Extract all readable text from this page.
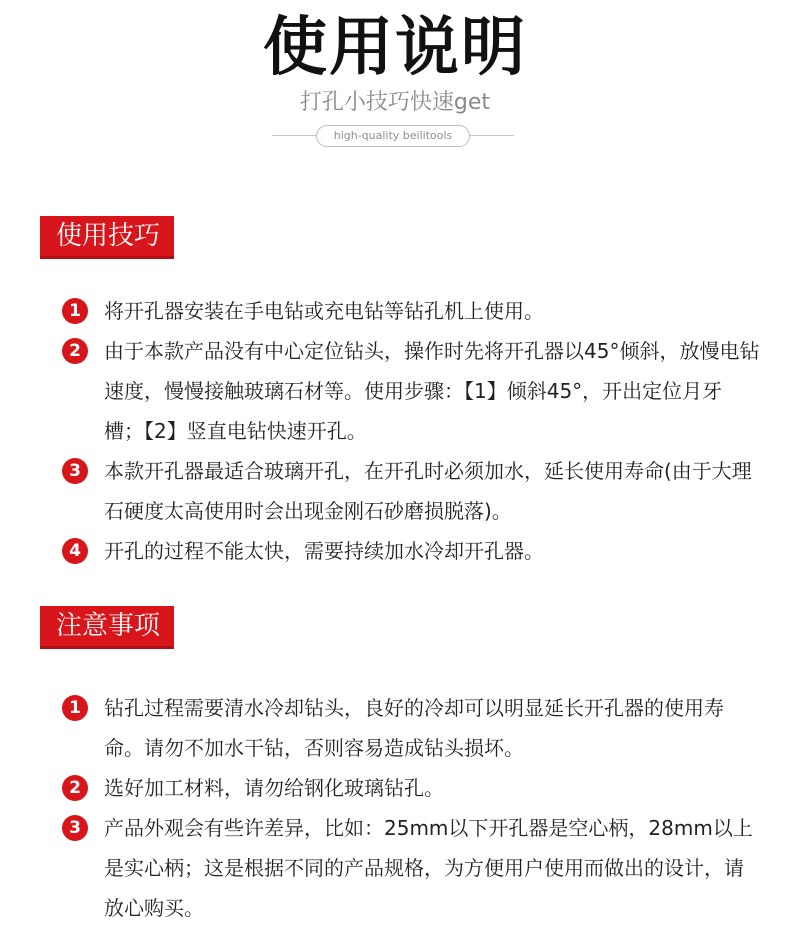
使用说明
打孔小技巧快速get
high-quality beilitools
使用技巧
1	将开孔器安装在手电钻或充电钻等钻孔机上使用。
2	由于本款产品没有中心定位钻头，操作时先将开孔器以45°倾斜，放慢电钻速度，慢慢接触玻璃石材等。使用步骤：【1】倾斜45°，开出定位月牙槽；【2】竖直电钻快速开孔。
3	本款开孔器最适合玻璃开孔，在开孔时必须加水，延长使用寿命(由于大理石硬度太高使用时会出现金刚石砂磨损脱落)。
4	开孔的过程不能太快，需要持续加水冷却开孔器。
注意事项
1	钻孔过程需要清水冷却钻头，良好的冷却可以明显延长开孔器的使用寿命。请勿不加水干钻，否则容易造成钻头损坏。
2	选好加工材料，请勿给钢化玻璃钻孔。
3	产品外观会有些许差异，比如：25mm以下开孔器是空心柄，28mm以上是实心柄；这是根据不同的产品规格，为方便用户使用而做出的设计，请放心购买。
